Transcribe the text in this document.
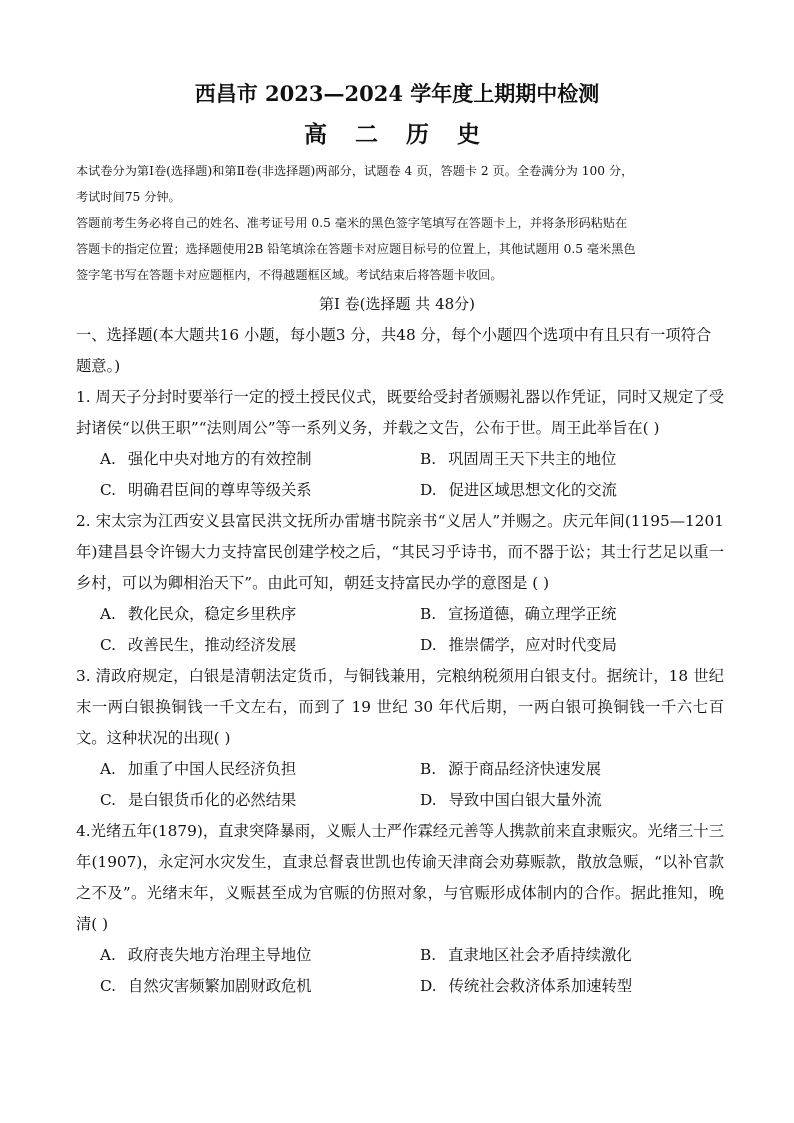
西昌市 2023—2024 学年度上期期中检测
高 二 历 史

本试卷分为第Ⅰ卷(选择题)和第Ⅱ卷(非选择题)两部分，试题卷 4 页，答题卡 2 页。全卷满分为 100 分，

考试时间75 分钟。

答题前考生务必将自己的姓名、准考证号用 0.5 毫米的黑色签字笔填写在答题卡上，并将条形码粘贴在

答题卡的指定位置；选择题使用2B 铅笔填涂在答题卡对应题目标号的位置上，其他试题用 0.5 毫米黑色

签字笔书写在答题卡对应题框内，不得越题框区域。考试结束后将答题卡收回。

第Ⅰ 卷(选择题 共 48分)

一、选择题(本大题共16 小题，每小题3 分，共48 分，每个小题四个选项中有且只有一项符合题意。)

1. 周天子分封时要举行一定的授土授民仪式，既要给受封者颁赐礼器以作凭证，同时又规定了受封诸侯“以供王职”“法则周公”等一系列义务，并载之文告，公布于世。周王此举旨在( )

A. 强化中央对地方的有效控制	B. 巩固周王天下共主的地位
C. 明确君臣间的尊卑等级关系	D. 促进区域思想文化的交流

2. 宋太宗为江西安义县富民洪文抚所办雷塘书院亲书“义居人”并赐之。庆元年间(1195—1201 年)建昌县令许锡大力支持富民创建学校之后，“其民习乎诗书，而不器于讼；其士行艺足以重一乡村，可以为卿相治天下”。由此可知，朝廷支持富民办学的意图是 ( )

A. 教化民众，稳定乡里秩序	B. 宣扬道德，确立理学正统
C. 改善民生，推动经济发展	D. 推崇儒学，应对时代变局

3. 清政府规定，白银是清朝法定货币，与铜钱兼用，完粮纳税须用白银支付。据统计，18 世纪末一两白银换铜钱一千文左右，而到了 19 世纪 30 年代后期，一两白银可换铜钱一千六七百文。这种状况的出现( )

A. 加重了中国人民经济负担	B. 源于商品经济快速发展
C. 是白银货币化的必然结果	D. 导致中国白银大量外流

4.光绪五年(1879)，直隶突降暴雨，义赈人士严作霖经元善等人携款前来直隶赈灾。光绪三十三年(1907)，永定河水灾发生，直隶总督袁世凯也传谕天津商会劝募赈款，散放急赈，“以补官款之不及”。光绪末年，义赈甚至成为官赈的仿照对象，与官赈形成体制内的合作。据此推知，晚清( )

A. 政府丧失地方治理主导地位	B. 直隶地区社会矛盾持续激化
C. 自然灾害频繁加剧财政危机	D. 传统社会救济体系加速转型
